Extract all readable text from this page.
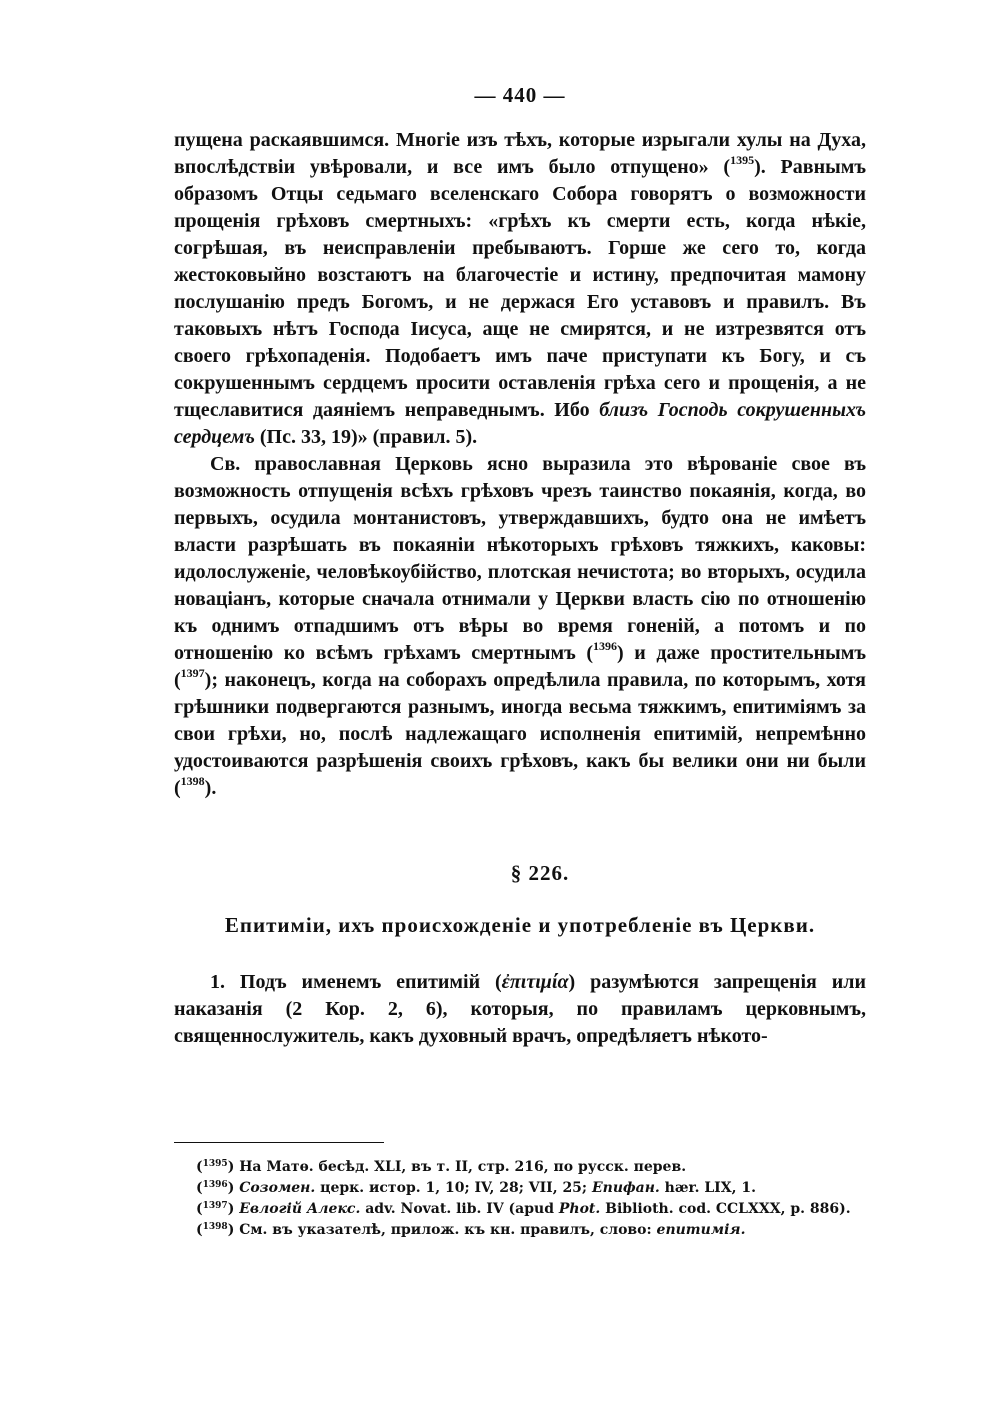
— 440 —

пущена раскаявшимся. Многіе изъ тѣхъ, которые изрыгали хулы на Духа, впослѣдствіи увѣровали, и все имъ было отпущено» ($^{1395}$). Равнымъ образомъ Отцы седьмаго вселенскаго Собора говорятъ о возможности прощенія грѣховъ смертныхъ: «грѣхъ къ смерти есть, когда нѣкіе, согрѣшая, въ неисправленіи пребываютъ. Горше же сего то, когда жестоковыйно возстаютъ на благочестіе и истину, предпочитая мамону послушанію предъ Богомъ, и не держася Его уставовъ и правилъ. Въ таковыхъ нѣтъ Господа Іисуса, аще не смирятся, и не изтрезвятся отъ своего грѣхопаденія. Подобаетъ имъ паче приступати къ Богу, и съ сокрушеннымъ сердцемъ просити оставленія грѣха сего и прощенія, а не тщеславитися даяніемъ неправеднымъ. Ибо близъ Господь сокрушенныхъ сердцемъ (Пс. 33, 19)» (правил. 5).

Св. православная Церковь ясно выразила это вѣрованіе свое въ возможность отпущенія всѣхъ грѣховъ чрезъ таинство покаянія, когда, во первыхъ, осудила монтанистовъ, утверждавшихъ, будто она не имѣетъ власти разрѣшать въ покаяніи нѣкоторыхъ грѣховъ тяжкихъ, каковы: идолослуженіе, человѣкоубійство, плотская нечистота; во вторыхъ, осудила новаціанъ, которые сначала отнимали у Церкви власть сію по отношенію къ однимъ отпадшимъ отъ вѣры во время гоненій, а потомъ и по отношенію ко всѣмъ грѣхамъ смертнымъ ($^{1396}$) и даже простительнымъ ($^{1397}$); наконецъ, когда на соборахъ опредѣлила правила, по которымъ, хотя грѣшники подвергаются разнымъ, иногда весьма тяжкимъ, епитиміямъ за свои грѣхи, но, послѣ надлежащаго исполненія епитимій, непремѣнно удостоиваются разрѣшенія своихъ грѣховъ, какъ бы велики они ни были ($^{1398}$).

§ 226.
Епитиміи, ихъ происхожденіе и употребленіе въ Церкви.

1. Подъ именемъ епитимій (ἐπιτιμία) разумѣются запрещенія или наказанія (2 Кор. 2, 6), которыя, по правиламъ церковнымъ, священнослужитель, какъ духовный врачъ, опредѣляетъ нѣкото-

($^{1395}$) На Матѳ. бесѣд. XLI, въ т. II, стр. 216, по русск. перев.

($^{1396}$) Созомен. церк. истор. 1, 10; IV, 28; VII, 25; Епифан. hær. LIX, 1.

($^{1397}$) Евлогій Алекс. adv. Novat. lib. IV (apud Phot. Biblioth. cod. CCLXXX, p. 886).

($^{1398}$) См. въ указателѣ, прилож. къ кн. правилъ, слово: епитимія.
